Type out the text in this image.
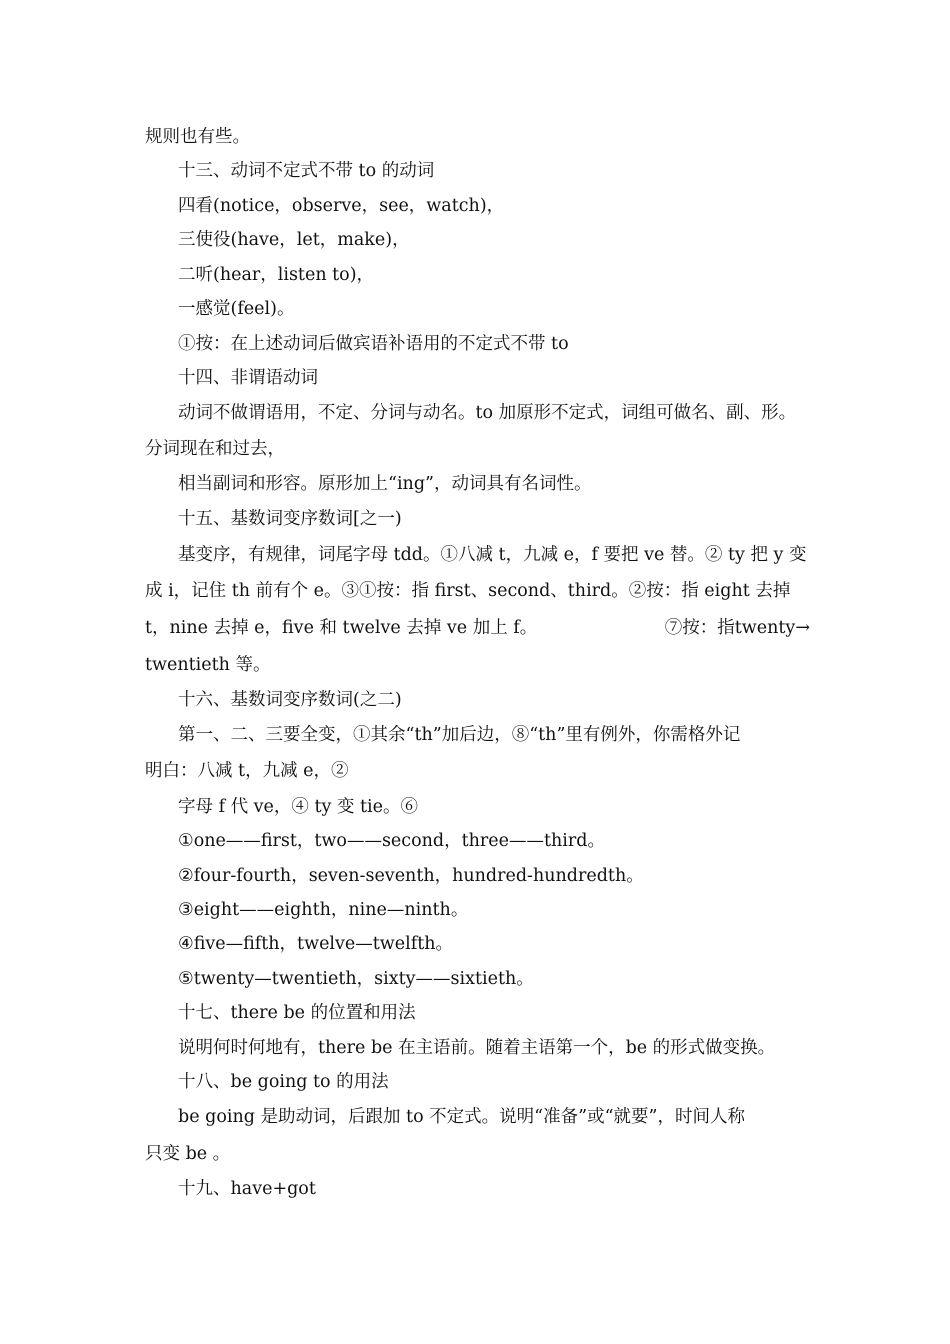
规则也有些。
十三、动词不定式不带 to 的动词
四看(notice，observe，see，watch)，
三使役(have，let，make)，
二听(hear，listen to)，
一感觉(feel)。
①按：在上述动词后做宾语补语用的不定式不带 to
十四、非谓语动词
动词不做谓语用，不定、分词与动名。to 加原形不定式，词组可做名、副、形。
分词现在和过去，
相当副词和形容。原形加上“ing”，动词具有名词性。
十五、基数词变序数词[之一)
基变序，有规律，词尾字母 tdd。①八减 t，九减 e，f 要把 ve 替。② ty 把 y 变
成 i，记住 th 前有个 e。③①按：指 first、second、third。②按：指 eight 去掉
t，nine 去掉 e，five 和 twelve 去掉 ve 加上 f。	⑦按：指twenty→
twentieth 等。
十六、基数词变序数词(之二)
第一、二、三要全变，①其余“th”加后边，⑧“th”里有例外，你需格外记
明白：八减 t，九减 e，②
字母 f 代 ve，④ ty 变 tie。⑥
①one——first，two——second，three——third。
②four-fourth，seven-seventh，hundred-hundredth。
③eight——eighth，nine—ninth。
④five—fifth，twelve—twelfth。
⑤twenty—twentieth，sixty——sixtieth。
十七、there be 的位置和用法
说明何时何地有，there be 在主语前。随着主语第一个，be 的形式做变换。
十八、be going to 的用法
be going 是助动词，后跟加 to 不定式。说明“准备”或“就要”，时间人称
只变 be 。
十九、have+got
